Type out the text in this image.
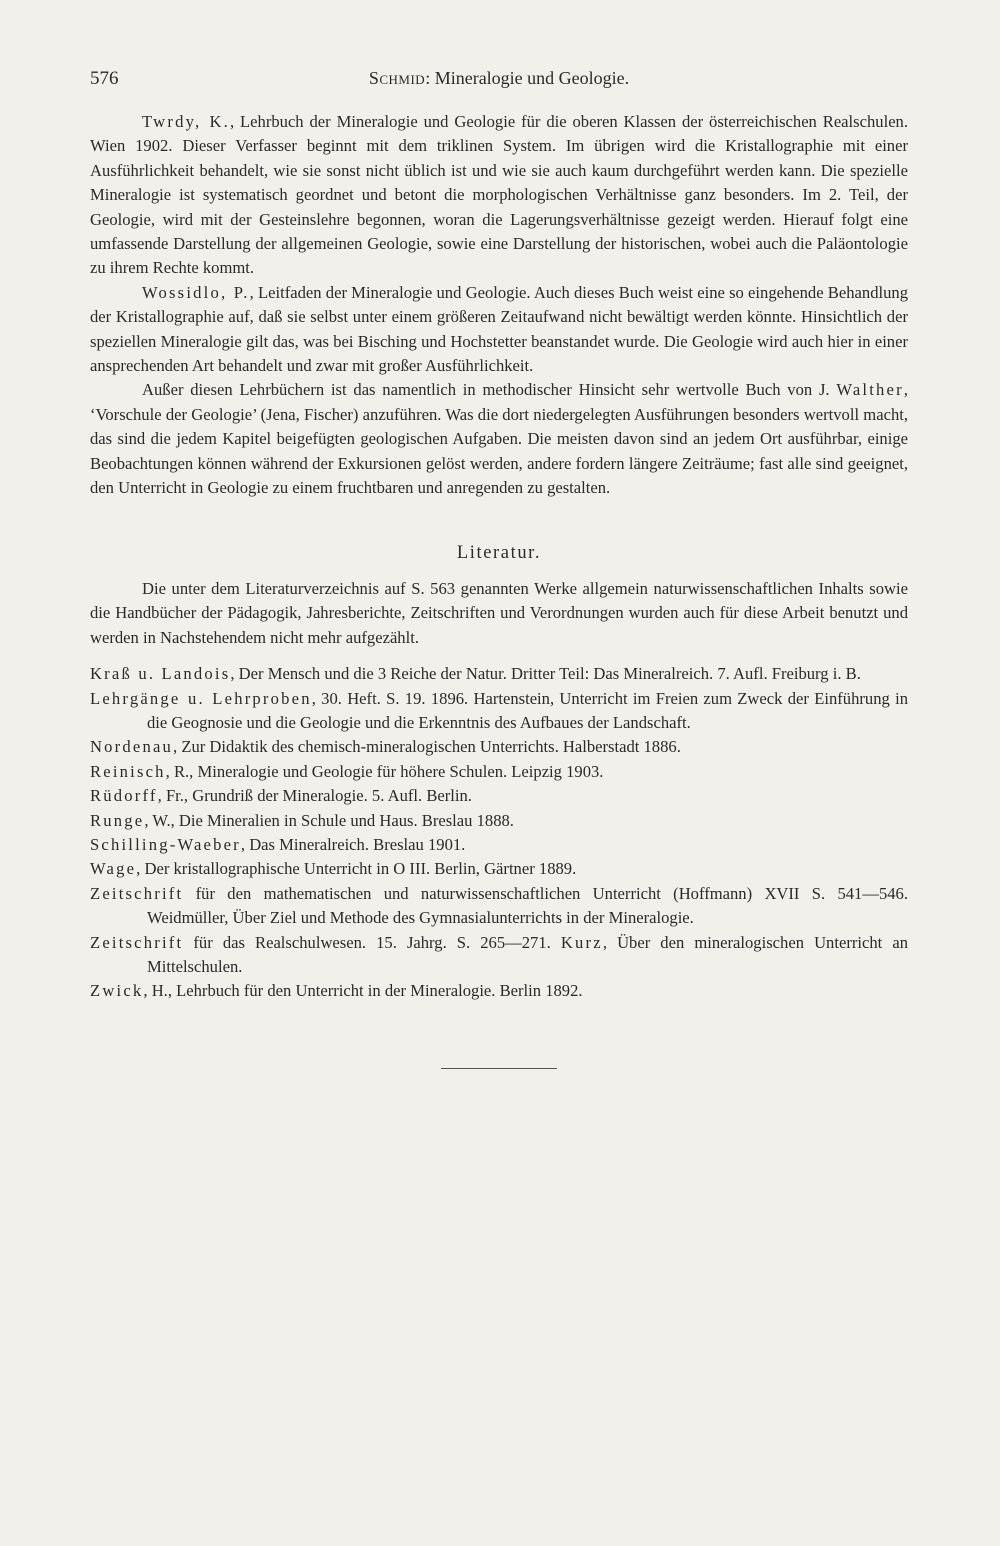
576	Schmid: Mineralogie und Geologie.

Twrdy, K., Lehrbuch der Mineralogie und Geologie für die oberen Klassen der österreichischen Realschulen. Wien 1902. Dieser Verfasser beginnt mit dem triklinen System. Im übrigen wird die Kristallographie mit einer Ausführlichkeit behandelt, wie sie sonst nicht üblich ist und wie sie auch kaum durchgeführt werden kann. Die spezielle Mineralogie ist systematisch geordnet und betont die morphologischen Verhältnisse ganz besonders. Im 2. Teil, der Geologie, wird mit der Gesteinslehre begonnen, woran die Lagerungsverhältnisse gezeigt werden. Hierauf folgt eine umfassende Darstellung der allgemeinen Geologie, sowie eine Darstellung der historischen, wobei auch die Paläontologie zu ihrem Rechte kommt.

Wossidlo, P., Leitfaden der Mineralogie und Geologie. Auch dieses Buch weist eine so eingehende Behandlung der Kristallographie auf, daß sie selbst unter einem größeren Zeitaufwand nicht bewältigt werden könnte. Hinsichtlich der speziellen Mineralogie gilt das, was bei Bisching und Hochstetter beanstandet wurde. Die Geologie wird auch hier in einer ansprechenden Art behandelt und zwar mit großer Ausführlichkeit.

Außer diesen Lehrbüchern ist das namentlich in methodischer Hinsicht sehr wertvolle Buch von J. Walther, ‘Vorschule der Geologie’ (Jena, Fischer) anzuführen. Was die dort niedergelegten Ausführungen besonders wertvoll macht, das sind die jedem Kapitel beigefügten geologischen Aufgaben. Die meisten davon sind an jedem Ort ausführbar, einige Beobachtungen können während der Exkursionen gelöst werden, andere fordern längere Zeiträume; fast alle sind geeignet, den Unterricht in Geologie zu einem fruchtbaren und anregenden zu gestalten.

Literatur.

Die unter dem Literaturverzeichnis auf S. 563 genannten Werke allgemein naturwissenschaftlichen Inhalts sowie die Handbücher der Pädagogik, Jahresberichte, Zeitschriften und Verordnungen wurden auch für diese Arbeit benutzt und werden in Nachstehendem nicht mehr aufgezählt.

Kraß u. Landois, Der Mensch und die 3 Reiche der Natur. Dritter Teil: Das Mineralreich. 7. Aufl. Freiburg i. B.
Lehrgänge u. Lehrproben, 30. Heft. S. 19. 1896. Hartenstein, Unterricht im Freien zum Zweck der Einführung in die Geognosie und die Geologie und die Erkenntnis des Aufbaues der Landschaft.
Nordenau, Zur Didaktik des chemisch-mineralogischen Unterrichts. Halberstadt 1886.
Reinisch, R., Mineralogie und Geologie für höhere Schulen. Leipzig 1903.
Rüdorff, Fr., Grundriß der Mineralogie. 5. Aufl. Berlin.
Runge, W., Die Mineralien in Schule und Haus. Breslau 1888.
Schilling-Waeber, Das Mineralreich. Breslau 1901.
Wage, Der kristallographische Unterricht in O III. Berlin, Gärtner 1889.
Zeitschrift für den mathematischen und naturwissenschaftlichen Unterricht (Hoffmann) XVII S. 541—546. Weidmüller, Über Ziel und Methode des Gymnasialunterrichts in der Mineralogie.
Zeitschrift für das Realschulwesen. 15. Jahrg. S. 265—271. Kurz, Über den mineralogischen Unterricht an Mittelschulen.
Zwick, H., Lehrbuch für den Unterricht in der Mineralogie. Berlin 1892.
